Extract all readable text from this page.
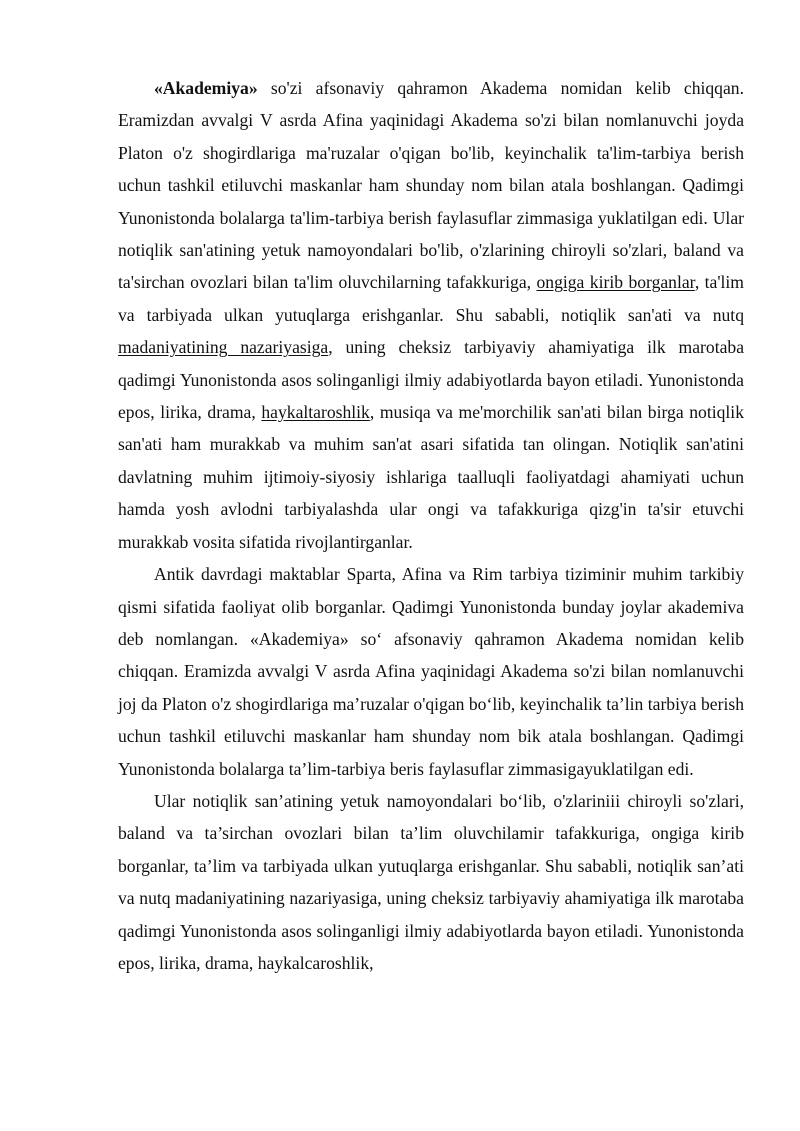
«Akademiya» so'zi afsonaviy qahramon Akadema nomidan kelib chiqqan. Eramizdan avvalgi V asrda Afina yaqinidagi Akadema so'zi bilan nomlanuvchi joyda Platon o'z shogirdlariga ma'ruzalar o'qigan bo'lib, keyinchalik ta'lim-tarbiya berish uchun tashkil etiluvchi maskanlar ham shunday nom bilan atala boshlangan. Qadimgi Yunonistonda bolalarga ta'lim-tarbiya berish faylasuflar zimmasiga yuklatilgan edi. Ular notiqlik san'atining yetuk namoyondalari bo'lib, o'zlarining chiroyli so'zlari, baland va ta'sirchan ovozlari bilan ta'lim oluvchilarning tafakkuriga, ongiga kirib borganlar, ta'lim va tarbiyada ulkan yutuqlarga erishganlar. Shu sababli, notiqlik san'ati va nutq madaniyatining nazariyasiga, uning cheksiz tarbiyaviy ahamiyatiga ilk marotaba qadimgi Yunonistonda asos solinganligi ilmiy adabiyotlarda bayon etiladi. Yunonistonda epos, lirika, drama, haykaltaroshlik, musiqa va me'morchilik san'ati bilan birga notiqlik san'ati ham murakkab va muhim san'at asari sifatida tan olingan. Notiqlik san'atini davlatning muhim ijtimoiy-siyosiy ishlariga taalluqli faoliyatdagi ahamiyati uchun hamda yosh avlodni tarbiyalashda ular ongi va tafakkuriga qizg'in ta'sir etuvchi murakkab vosita sifatida rivojlantirganlar.

Antik davrdagi maktablar Sparta, Afina va Rim tarbiya tiziminir muhim tarkibiy qismi sifatida faoliyat olib borganlar. Qadimgi Yunonistonda bunday joylar akademiva deb nomlangan. «Akademiya» so‘ afsonaviy qahramon Akadema nomidan kelib chiqqan. Eramizda avvalgi V asrda Afina yaqinidagi Akadema so'zi bilan nomlanuvchi joj da Platon o'z shogirdlariga ma’ruzalar o'qigan bo‘lib, keyinchalik ta’lin tarbiya berish uchun tashkil etiluvchi maskanlar ham shunday nom bik atala boshlangan. Qadimgi Yunonistonda bolalarga ta’lim-tarbiya beris faylasuflar zimmasigayuklatilgan edi.

Ular notiqlik san’atining yetuk namoyondalari bo‘lib, o'zlariniii chiroyli so'zlari, baland va ta’sirchan ovozlari bilan ta’lim oluvchilamir tafakkuriga, ongiga kirib borganlar, ta’lim va tarbiyada ulkan yutuqlarga erishganlar. Shu sababli, notiqlik san’ati va nutq madaniyatining nazariyasiga, uning cheksiz tarbiyaviy ahamiyatiga ilk marotaba qadimgi Yunonistonda asos solinganligi ilmiy adabiyotlarda bayon etiladi. Yunonistonda epos, lirika, drama, haykalcaroshlik,
